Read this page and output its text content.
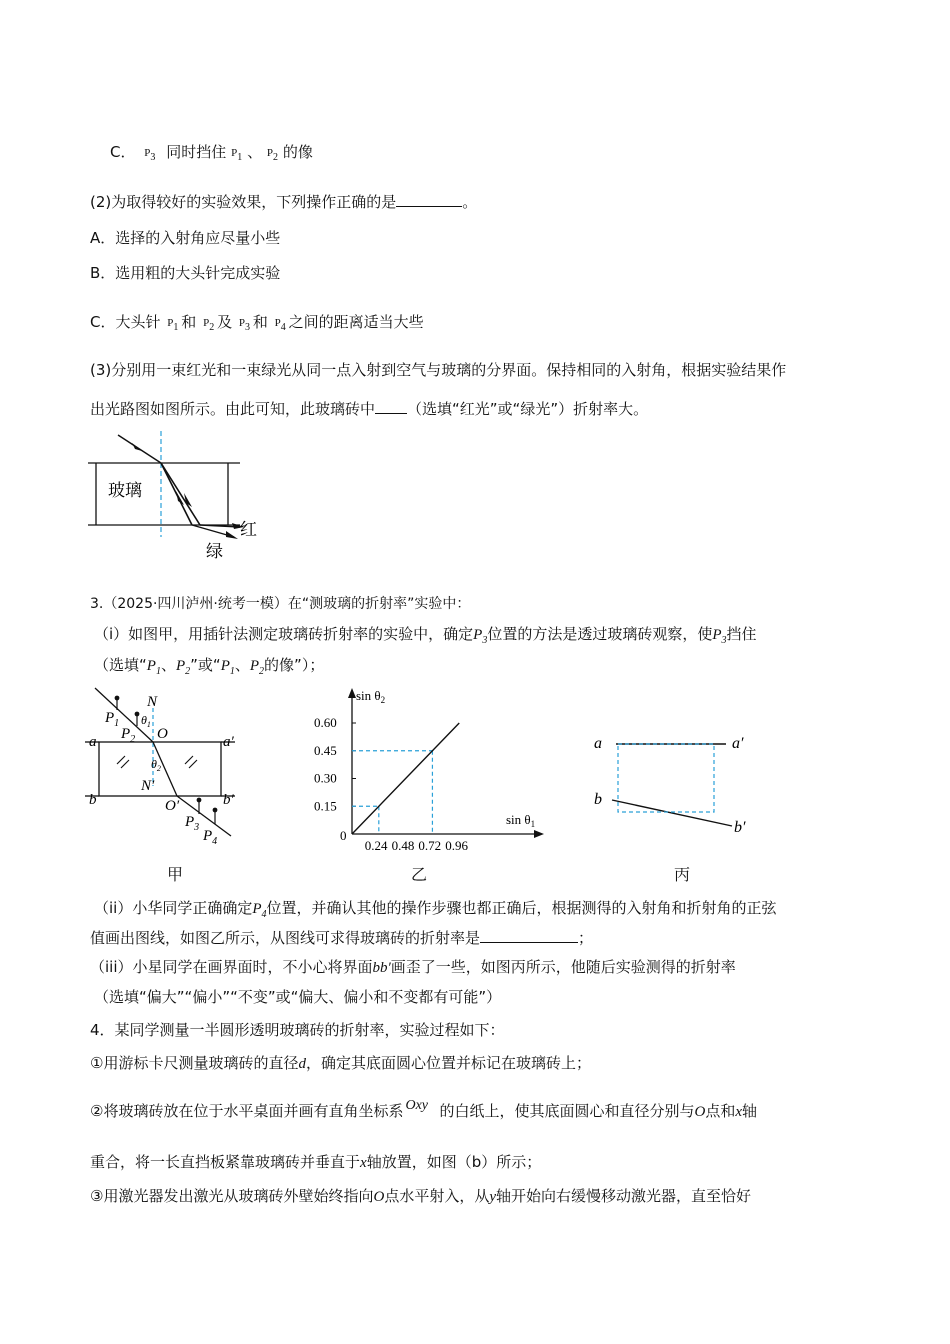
C． P3 同时挡住 P1 、 P2 的像
(2)为取得较好的实验效果，下列操作正确的是	。
A．选择的入射角应尽量小些
B．选用粗的大头针完成实验
C．大头针 P1 和 P2 及 P3 和 P4 之间的距离适当大些
(3)分别用一束红光和一束绿光从同一点入射到空气与玻璃的分界面。保持相同的入射角，根据实验结果作
出光路图如图所示。由此可知，此玻璃砖中 （选填“红光”或“绿光”）折射率大。
玻璃
红
绿
3.（2025·四川泸州·统考一模）在“测玻璃的折射率”实验中：
（i）如图甲，用插针法测定玻璃砖折射率的实验中，确定$P_3$位置的方法是透过玻璃砖观察，使$P_3$挡住
（选填“$P_1$、$P_2$”或“$P_1$、$P_2$的像”）；
$P_1$
$P_2$
N
$\theta_1$
O
a	a′
$\theta_2$
N′
b	O′	b′
$P_3$
$P_4$
甲
$\sin \theta_2$
$\sin \theta_1$
0
0.60
0.45
0.30
0.15
0.24 0.48 0.72 0.96
乙
a	a′
b
b′
丙
（ii）小华同学正确确定$P_4$位置，并确认其他的操作步骤也都正确后，根据测得的入射角和折射角的正弦
值画出图线，如图乙所示，从图线可求得玻璃砖的折射率是	；
（iii）小星同学在画界面时，不小心将界面bb′画歪了一些，如图丙所示，他随后实验测得的折射率
（选填“偏大”“偏小”“不变”或“偏大、偏小和不变都有可能”）
4．某同学测量一半圆形透明玻璃砖的折射率，实验过程如下：
①用游标卡尺测量玻璃砖的直径d，确定其底面圆心位置并标记在玻璃砖上；
②将玻璃砖放在位于水平桌面并画有直角坐标系 Oxy 的白纸上，使其底面圆心和直径分别与O点和x轴
重合，将一长直挡板紧靠玻璃砖并垂直于x轴放置，如图（b）所示；
③用激光器发出激光从玻璃砖外壁始终指向O点水平射入，从y轴开始向右缓慢移动激光器，直至恰好
